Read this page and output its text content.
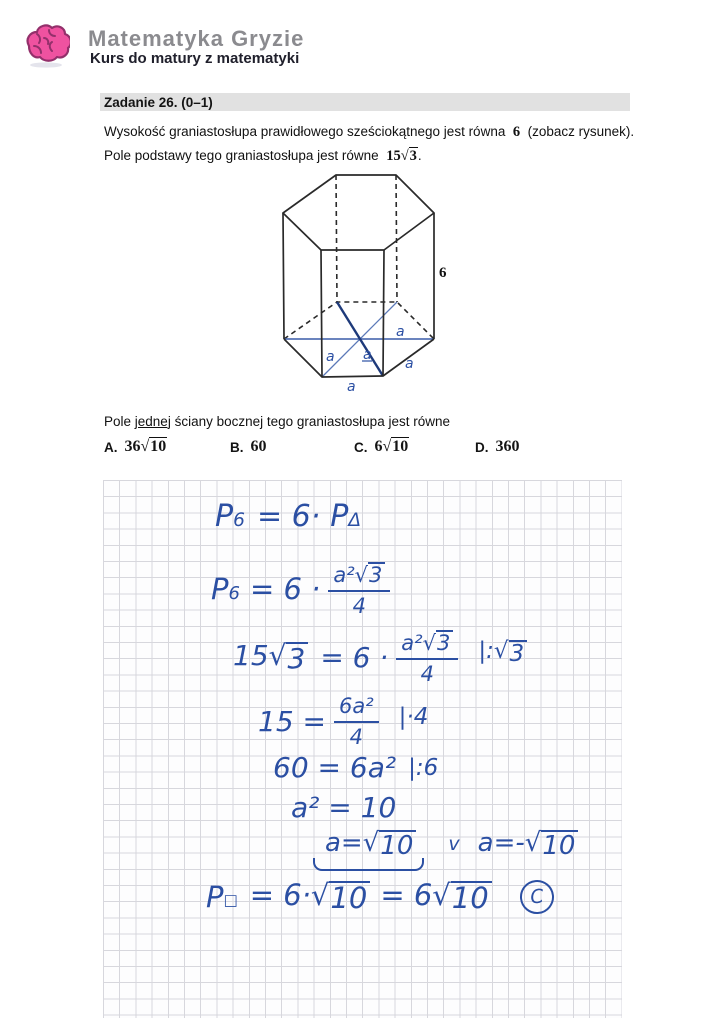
Matematyka Gryzie
Kurs do matury z matematyki
Zadanie 26. (0–1)

Wysokość graniastosłupa prawidłowego sześciokątnego jest równa 6 (zobacz rysunek).

Pole podstawy tego graniastosłupa jest równe 15√3.

6
a
a a
a
a

Pole jednej ściany bocznej tego graniastosłupa jest równe

A. 36√10	B. 60	C. 6√10	D. 360
P 6 = 6· P Δ
P $6 = 6 \cdot \frac{\text{a²√ 3}}{4}$
15√ $3 = 6 \cdot \frac{\text{a²√ 3}}{4}$ |:√ 3
$15 = \frac{\text{6a²}}{4} |\cdot 4$
60 = 6a² |:6
a² = 10
a=√ 10 v a=-√ 10
P □ = 6·√ 10 = 6√ 10	C
